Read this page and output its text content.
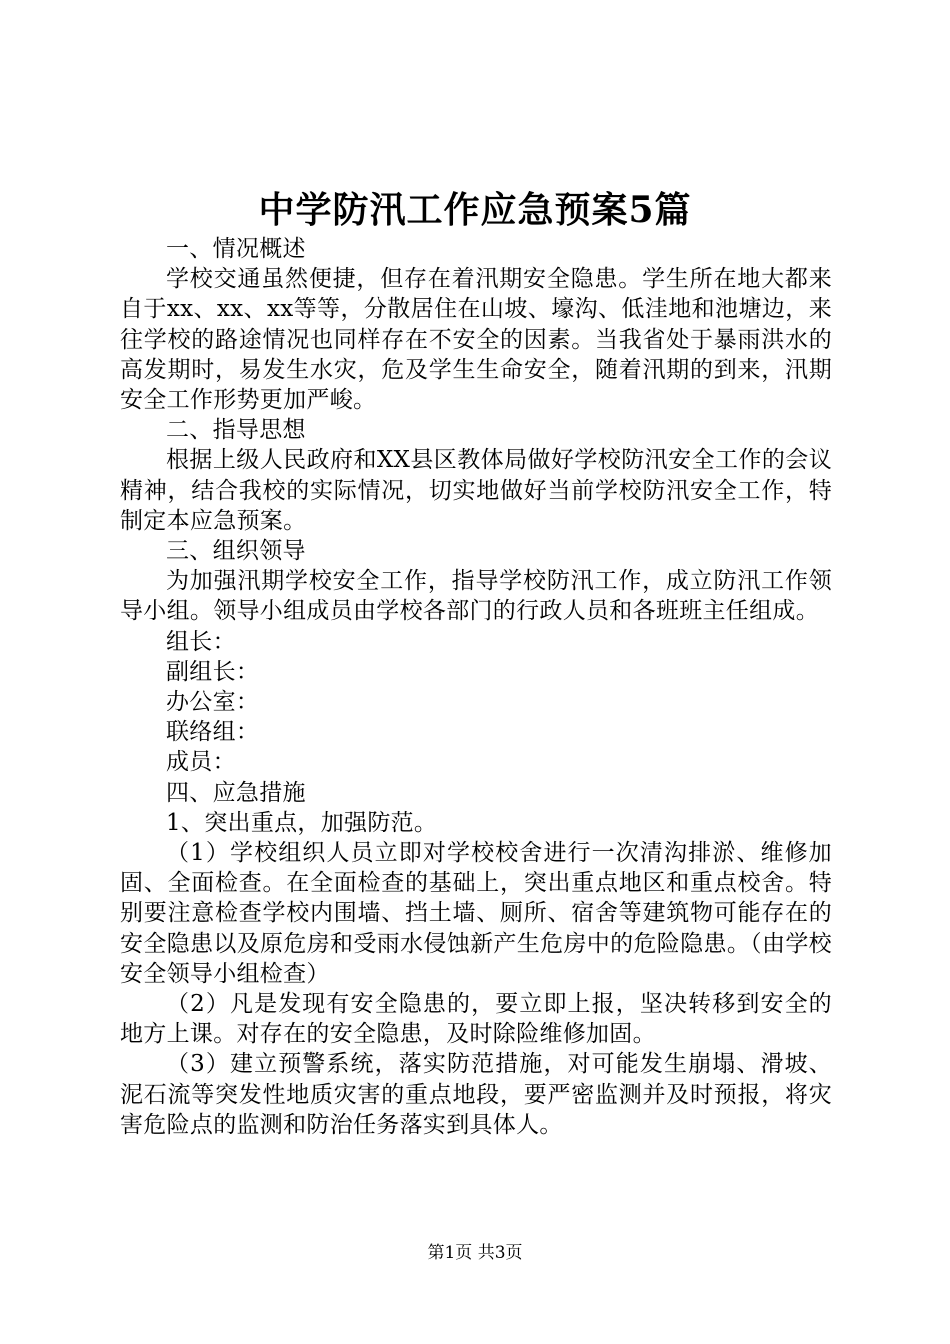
中学防汛工作应急预案5篇

一、情况概述

学校交通虽然便捷，但存在着汛期安全隐患。学生所在地大都来自于xx、xx、xx等等，分散居住在山坡、壕沟、低洼地和池塘边，来往学校的路途情况也同样存在不安全的因素。当我省处于暴雨洪水的高发期时，易发生水灾，危及学生生命安全，随着汛期的到来，汛期安全工作形势更加严峻。

二、指导思想

根据上级人民政府和XX县区教体局做好学校防汛安全工作的会议精神，结合我校的实际情况，切实地做好当前学校防汛安全工作，特制定本应急预案。

三、组织领导

为加强汛期学校安全工作，指导学校防汛工作，成立防汛工作领导小组。领导小组成员由学校各部门的行政人员和各班班主任组成。

组长：

副组长：

办公室：

联络组：

成员：

四、应急措施

1、突出重点，加强防范。

（1）学校组织人员立即对学校校舍进行一次清沟排淤、维修加固、全面检查。在全面检查的基础上，突出重点地区和重点校舍。特别要注意检查学校内围墙、挡土墙、厕所、宿舍等建筑物可能存在的安全隐患以及原危房和受雨水侵蚀新产生危房中的危险隐患。（由学校安全领导小组检查）

（2）凡是发现有安全隐患的，要立即上报，坚决转移到安全的地方上课。对存在的安全隐患，及时除险维修加固。

（3）建立预警系统，落实防范措施，对可能发生崩塌、滑坡、泥石流等突发性地质灾害的重点地段，要严密监测并及时预报，将灾害危险点的监测和防治任务落实到具体人。

第1页 共3页
